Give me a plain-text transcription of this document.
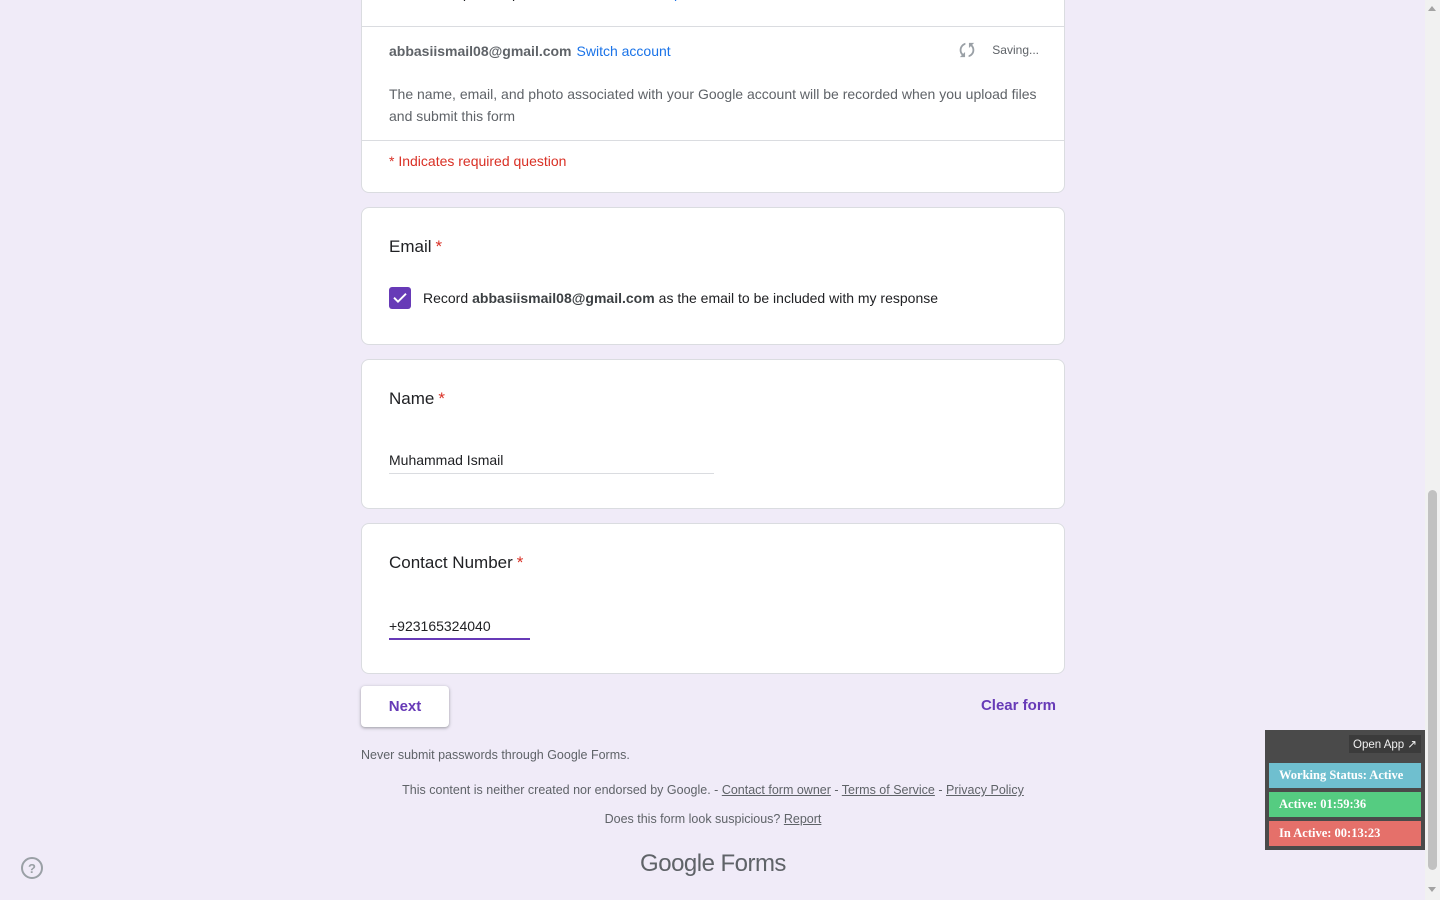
abbasiismail08@gmail.com Switch account	Saving...
The name, email, and photo associated with your Google account will be recorded when you upload files and submit this form
* Indicates required question
Email *
Record abbasiismail08@gmail.com as the email to be included with my response
Name *
Muhammad Ismail
Contact Number *
+923165324040
Next	Clear form
Never submit passwords through Google Forms.
This content is neither created nor endorsed by Google. - Contact form owner - Terms of Service - Privacy Policy
Does this form look suspicious? Report
Google Forms
?
Open App ↗
Working Status: Active
Active: 01:59:36
In Active: 00:13:23
